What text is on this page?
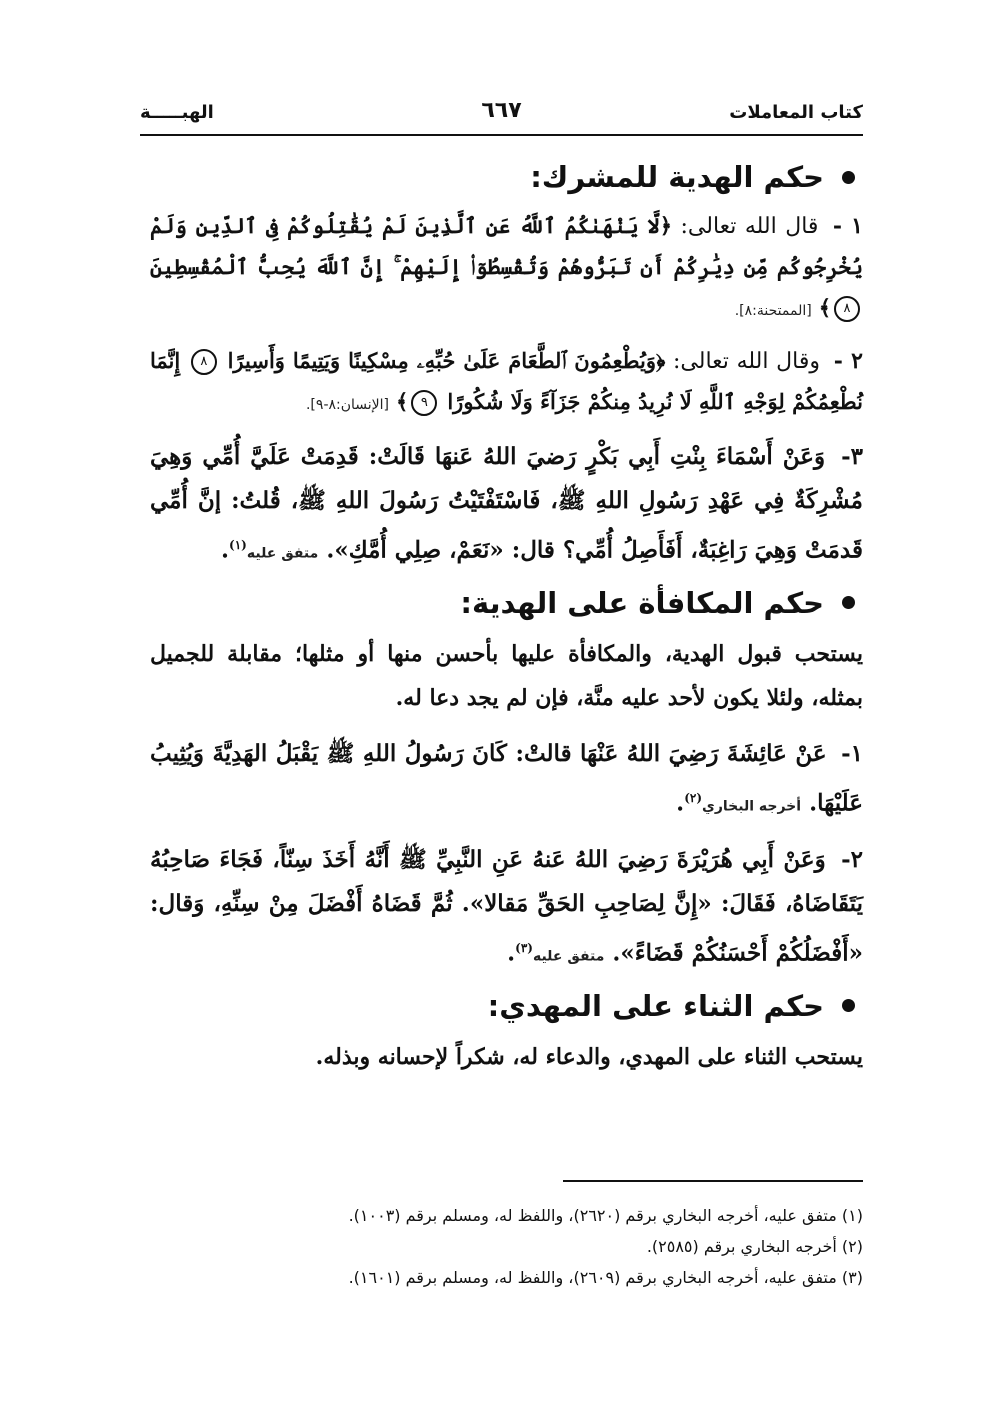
كتاب المعاملات
٦٦٧
الهبـــــة
حكم الهدية للمشرك:

١ - قال الله تعالى: ﴿لَّا يَنْهَىٰكُمُ ٱللَّهُ عَنِ ٱلَّذِينَ لَمْ يُقَٰتِلُوكُمْ فِى ٱلدِّينِ وَلَمْ يُخْرِجُوكُم مِّن دِيَٰرِكُمْ أَن تَبَرُّوهُمْ وَتُقْسِطُوٓا۟ إِلَيْهِمْ ۚ إِنَّ ٱللَّهَ يُحِبُّ ٱلْمُقْسِطِينَ ٨﴾ [الممتحنة:٨].

٢ - وقال الله تعالى: ﴿وَيُطْعِمُونَ ٱلطَّعَامَ عَلَىٰ حُبِّهِۦ مِسْكِينًا وَيَتِيمًا وَأَسِيرًا ٨ إِنَّمَا نُطْعِمُكُمْ لِوَجْهِ ٱللَّهِ لَا نُرِيدُ مِنكُمْ جَزَآءً وَلَا شُكُورًا ٩﴾ [الإنسان:٨-٩].

٣- وَعَنْ أَسْمَاءَ بِنْتِ أَبِي بَكْرٍ رَضيَ اللهُ عَنهَا قَالَتْ: قَدِمَتْ عَلَيَّ أُمِّي وَهِيَ مُشْرِكَةٌ فِي عَهْدِ رَسُولِ اللهِ ﷺ، فَاسْتَفْتَيْتُ رَسُولَ اللهِ ﷺ، قُلتُ: إنَّ أُمِّي قَدمَتْ وَهِيَ رَاغِبَةٌ، أَفَأَصِلُ أُمِّي؟ قال: «نَعَمْ، صِلِي أُمَّكِ». متفق عليه$^{(١)}$.

حكم المكافأة على الهدية:

يستحب قبول الهدية، والمكافأة عليها بأحسن منها أو مثلها؛ مقابلة للجميل بمثله، ولئلا يكون لأحد عليه منَّة، فإن لم يجد دعا له.

١- عَنْ عَائِشَةَ رَضِيَ اللهُ عَنْهَا قالتْ: كَانَ رَسُولُ اللهِ ﷺ يَقْبَلُ الهَدِيَّةَ وَيُثِيبُ عَلَيْهَا. أخرجه البخاري$^{(٢)}$.

٢- وَعَنْ أَبِي هُرَيْرَةَ رَضِيَ اللهُ عَنهُ عَنِ النَّبِيِّ ﷺ أَنَّهُ أَخَذَ سِنّاً، فَجَاءَ صَاحِبُهُ يَتَقَاضَاهُ، فَقَالَ: «إِنَّ لِصَاحِبِ الحَقِّ مَقالا». ثُمَّ قَضَاهُ أَفْضَلَ مِنْ سِنِّهِ، وَقال: «أَفْضَلُكُمْ أَحْسَنُكُمْ قَضَاءً». متفق عليه$^{(٣)}$.

حكم الثناء على المهدي:

يستحب الثناء على المهدي، والدعاء له، شكراً لإحسانه وبذله.

(١) متفق عليه، أخرجه البخاري برقم (٢٦٢٠)، واللفظ له، ومسلم برقم (١٠٠٣).
(٢) أخرجه البخاري برقم (٢٥٨٥).
(٣) متفق عليه، أخرجه البخاري برقم (٢٦٠٩)، واللفظ له، ومسلم برقم (١٦٠١).
